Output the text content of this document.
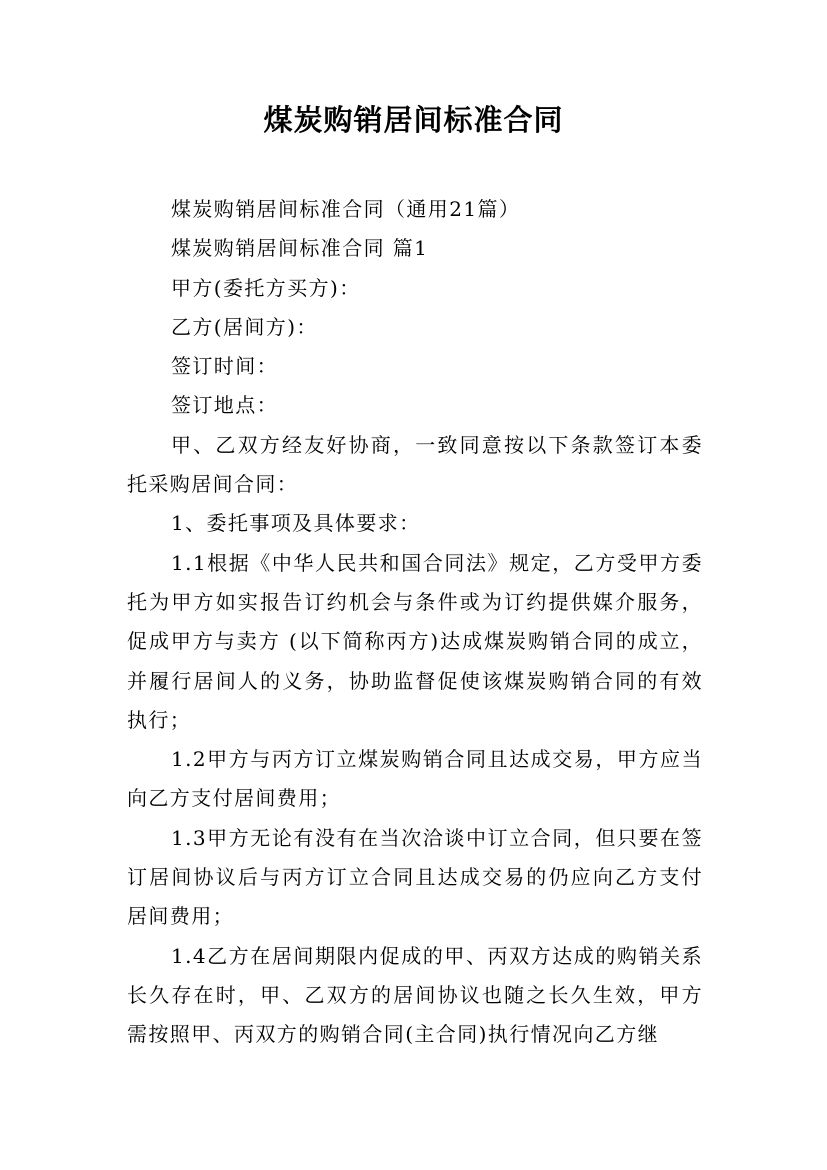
煤炭购销居间标准合同

煤炭购销居间标准合同（通用21篇）

煤炭购销居间标准合同 篇1

甲方(委托方买方)：

乙方(居间方)：

签订时间：

签订地点：

甲、乙双方经友好协商，一致同意按以下条款签订本委托采购居间合同：

1、委托事项及具体要求：

1.1根据《中华人民共和国合同法》规定，乙方受甲方委托为甲方如实报告订约机会与条件或为订约提供媒介服务，促成甲方与卖方 (以下简称丙方)达成煤炭购销合同的成立，并履行居间人的义务，协助监督促使该煤炭购销合同的有效执行；

1.2甲方与丙方订立煤炭购销合同且达成交易，甲方应当向乙方支付居间费用；

1.3甲方无论有没有在当次洽谈中订立合同，但只要在签订居间协议后与丙方订立合同且达成交易的仍应向乙方支付居间费用；

1.4乙方在居间期限内促成的甲、丙双方达成的购销关系长久存在时，甲、乙双方的居间协议也随之长久生效，甲方需按照甲、丙双方的购销合同(主合同)执行情况向乙方继
